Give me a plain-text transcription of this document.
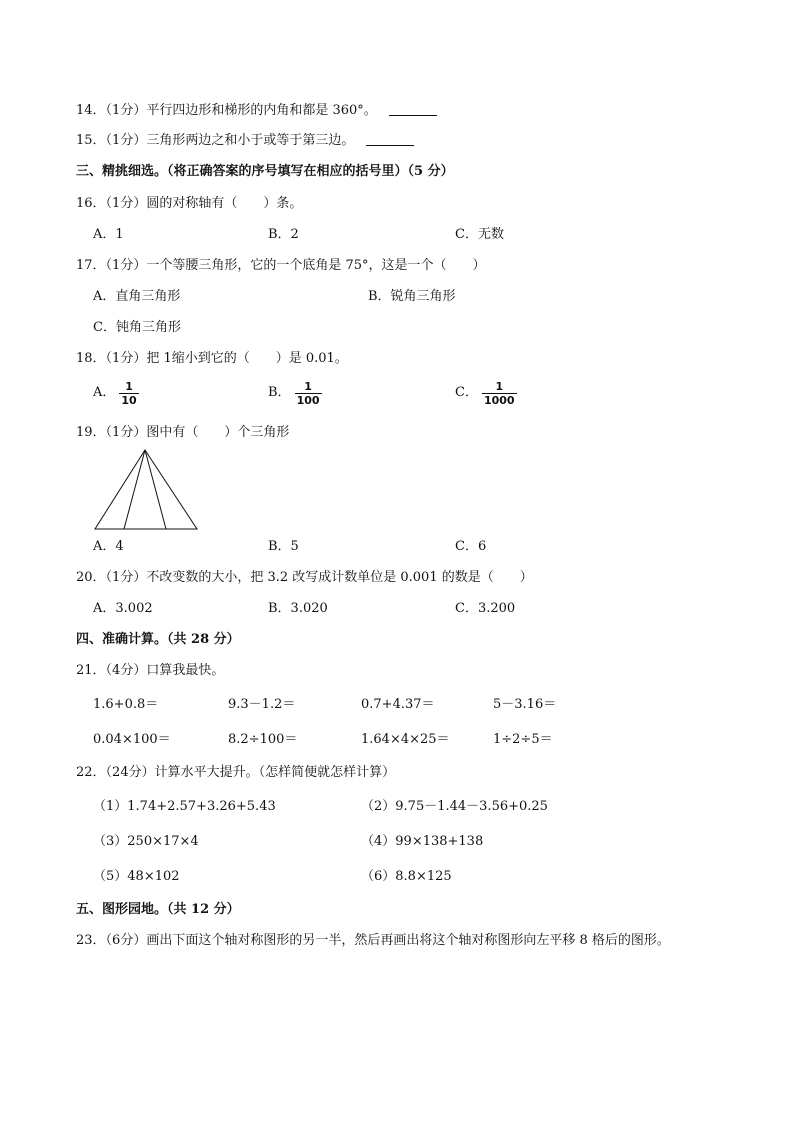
14．（1分）平行四边形和梯形的内角和都是 360°。
15．（1分）三角形两边之和小于或等于第三边。
三、精挑细选。（将正确答案的序号填写在相应的括号里）（5 分）
16．（1分）圆的对称轴有（　　）条。
A．1	B．2	C．无数
17．（1分）一个等腰三角形，它的一个底角是 75°，这是一个（　　）
A．直角三角形	B．锐角三角形
C．钝角三角形
18．（1分）把 1缩小到它的（　　）是 0.01。
A． $\frac{1}{10}$	B． $\frac{1}{100}$	C． $\frac{1}{1000}$
19．（1分）图中有（　　）个三角形
A．4	B．5	C．6
20．（1分）不改变数的大小，把 3.2 改写成计数单位是 0.001 的数是（　　）
A．3.002	B．3.020	C．3.200
四、准确计算。（共 28 分）
21．（4分）口算我最快。
1.6+0.8＝	9.3－1.2＝	0.7+4.37＝	5－3.16＝
0.04×100＝	8.2÷100＝	1.64×4×25＝	1÷2÷5＝
22．（24分）计算水平大提升。（怎样简便就怎样计算）
（1）1.74+2.57+3.26+5.43	（2）9.75－1.44－3.56+0.25
（3）250×17×4	（4）99×138+138
（5）48×102	（6）8.8×125
五、图形园地。（共 12 分）
23．（6分）画出下面这个轴对称图形的另一半，然后再画出将这个轴对称图形向左平移 8 格后的图形。
